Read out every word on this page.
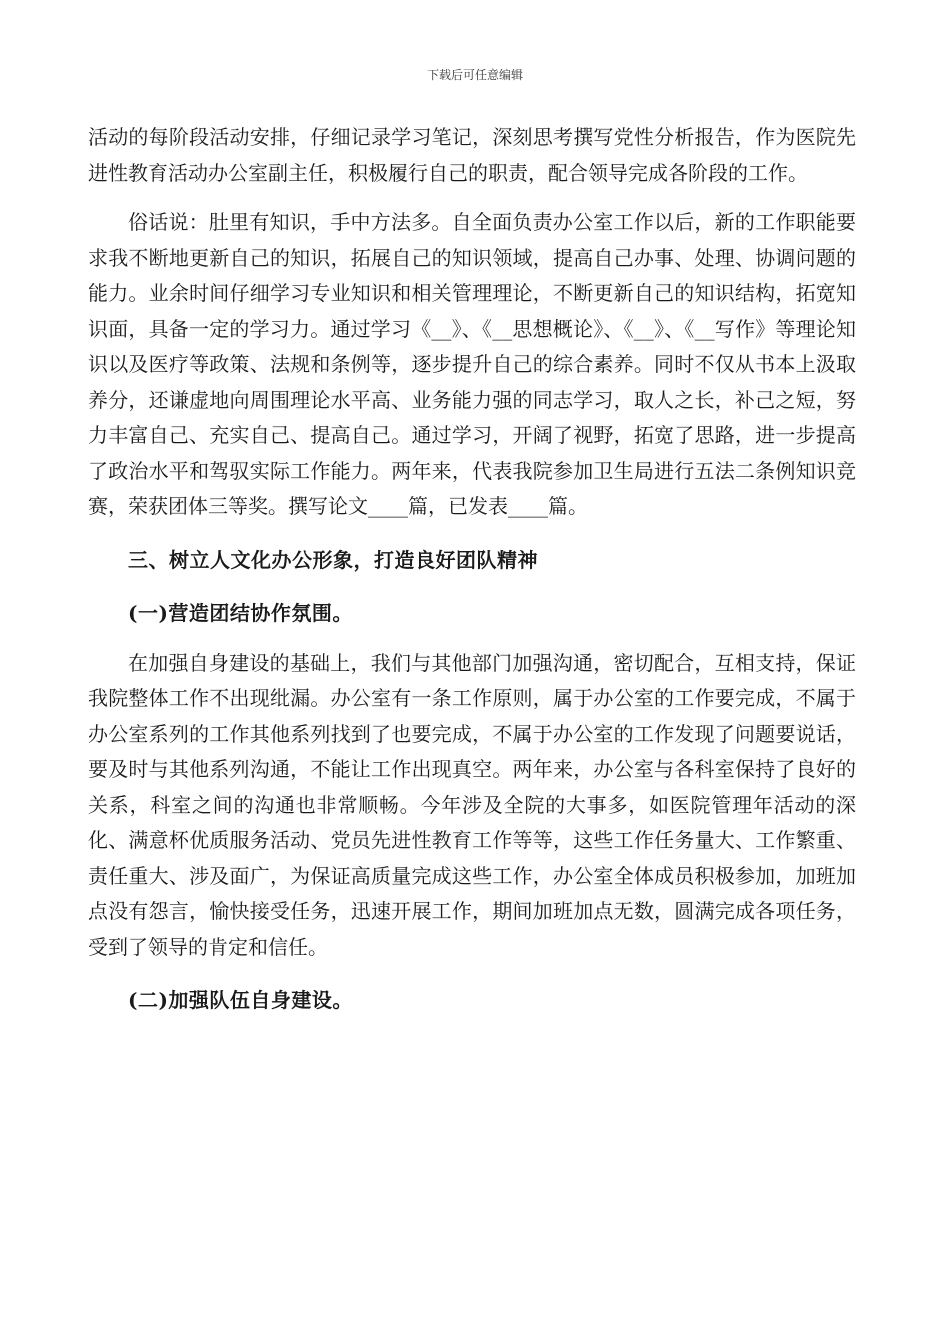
下载后可任意编辑

活动的每阶段活动安排，仔细记录学习笔记，深刻思考撰写党性分析报告，作为医院先进性教育活动办公室副主任，积极履行自己的职责，配合领导完成各阶段的工作。

俗话说：肚里有知识，手中方法多。自全面负责办公室工作以后，新的工作职能要求我不断地更新自己的知识，拓展自己的知识领域，提高自己办事、处理、协调问题的能力。业余时间仔细学习专业知识和相关管理理论，不断更新自己的知识结构，拓宽知识面，具备一定的学习力。通过学习《__》、《__思想概论》、《__》、《__写作》等理论知识以及医疗等政策、法规和条例等，逐步提升自己的综合素养。同时不仅从书本上汲取养分，还谦虚地向周围理论水平高、业务能力强的同志学习，取人之长，补己之短，努力丰富自己、充实自己、提高自己。通过学习，开阔了视野，拓宽了思路，进一步提高了政治水平和驾驭实际工作能力。两年来，代表我院参加卫生局进行五法二条例知识竞赛，荣获团体三等奖。撰写论文____篇，已发表____篇。

三、树立人文化办公形象，打造良好团队精神

(一)营造团结协作氛围。

在加强自身建设的基础上，我们与其他部门加强沟通，密切配合，互相支持，保证我院整体工作不出现纰漏。办公室有一条工作原则，属于办公室的工作要完成，不属于办公室系列的工作其他系列找到了也要完成，不属于办公室的工作发现了问题要说话，要及时与其他系列沟通，不能让工作出现真空。两年来，办公室与各科室保持了良好的关系，科室之间的沟通也非常顺畅。今年涉及全院的大事多，如医院管理年活动的深化、满意杯优质服务活动、党员先进性教育工作等等，这些工作任务量大、工作繁重、责任重大、涉及面广，为保证高质量完成这些工作，办公室全体成员积极参加，加班加点没有怨言，愉快接受任务，迅速开展工作，期间加班加点无数，圆满完成各项任务，受到了领导的肯定和信任。

(二)加强队伍自身建设。
